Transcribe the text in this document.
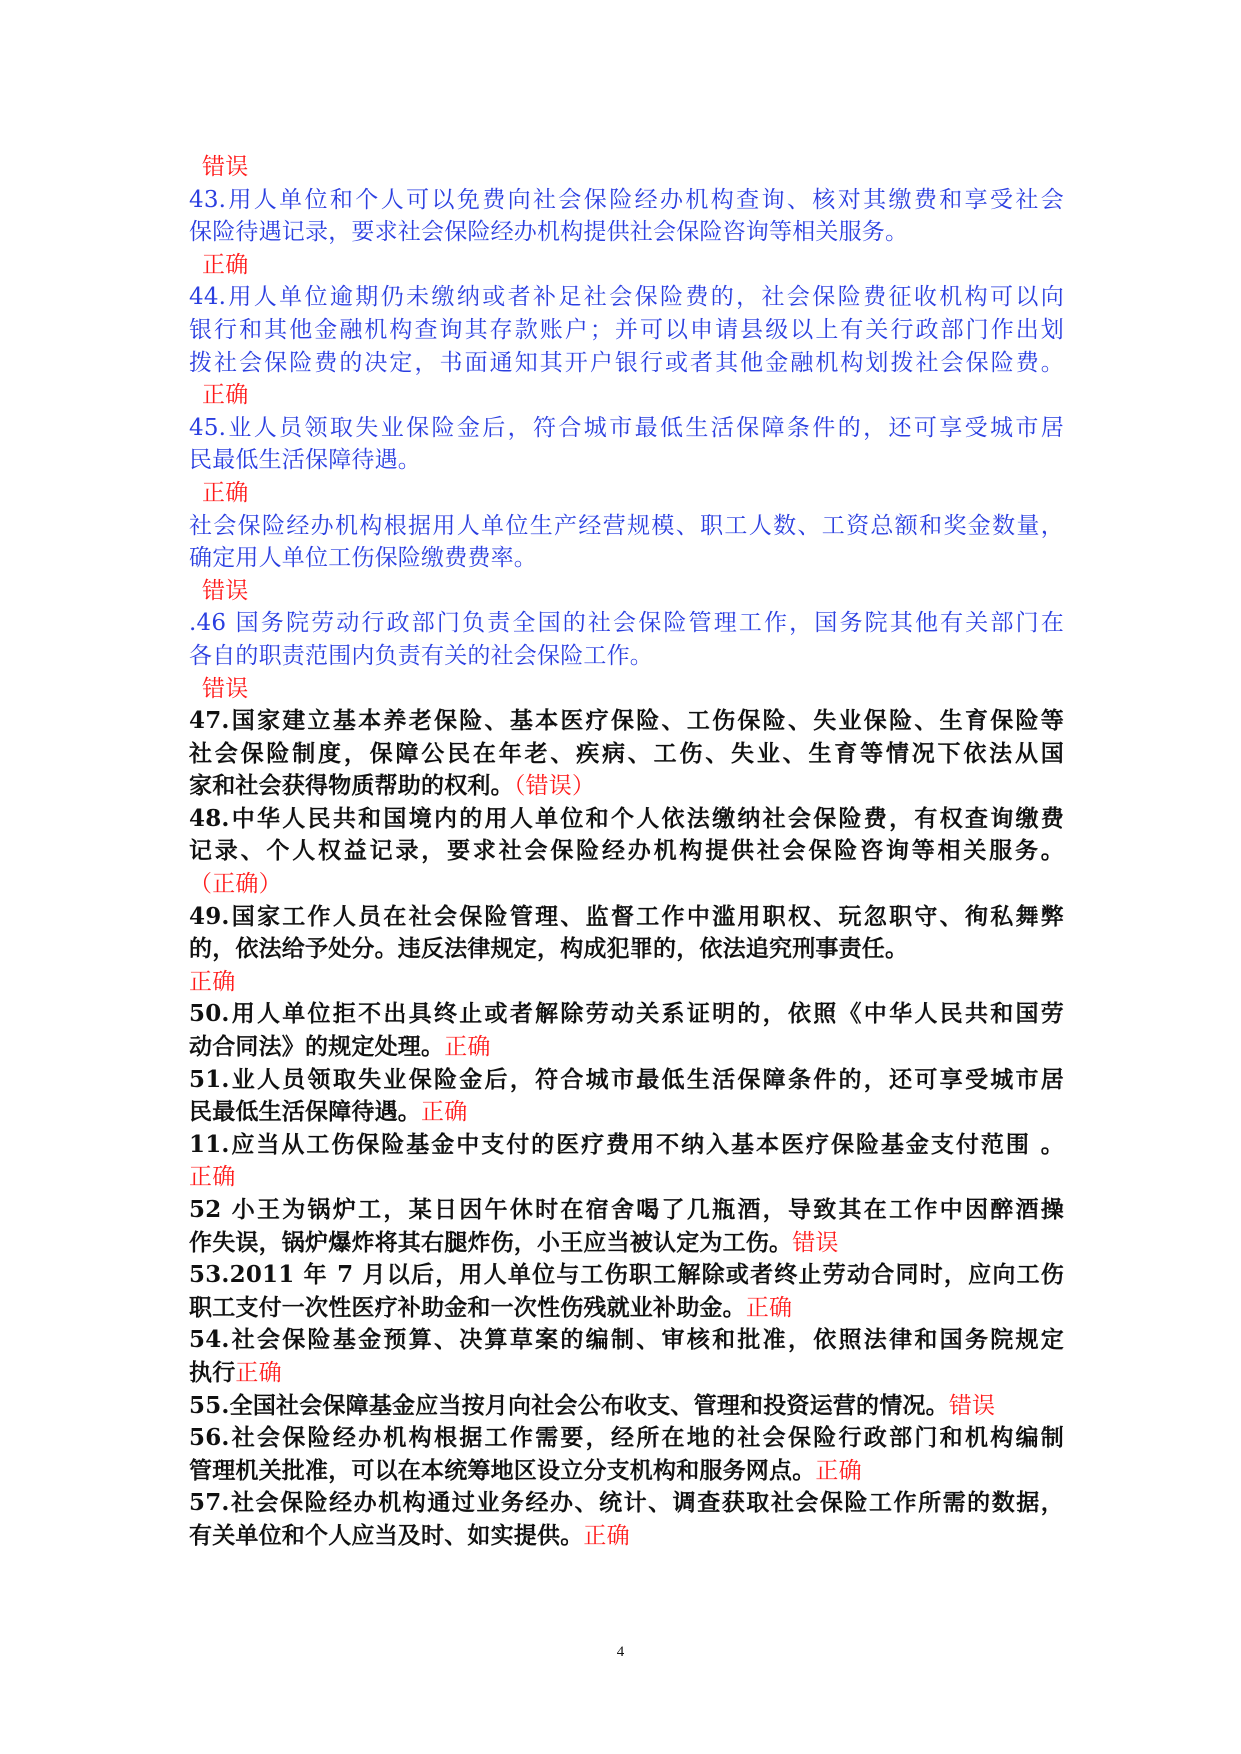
错误
43.用人单位和个人可以免费向社会保险经办机构查询、核对其缴费和享受社会
保险待遇记录，要求社会保险经办机构提供社会保险咨询等相关服务。
正确
44.用人单位逾期仍未缴纳或者补足社会保险费的，社会保险费征收机构可以向
银行和其他金融机构查询其存款账户；并可以申请县级以上有关行政部门作出划
拨社会保险费的决定，书面通知其开户银行或者其他金融机构划拨社会保险费。
正确
45.业人员领取失业保险金后，符合城市最低生活保障条件的，还可享受城市居
民最低生活保障待遇。
正确
社会保险经办机构根据用人单位生产经营规模、职工人数、工资总额和奖金数量，
确定用人单位工伤保险缴费费率。
错误
.46 国务院劳动行政部门负责全国的社会保险管理工作，国务院其他有关部门在
各自的职责范围内负责有关的社会保险工作。
错误
47.国家建立基本养老保险、基本医疗保险、工伤保险、失业保险、生育保险等
社会保险制度，保障公民在年老、疾病、工伤、失业、生育等情况下依法从国
家和社会获得物质帮助的权利。（错误）
48.中华人民共和国境内的用人单位和个人依法缴纳社会保险费，有权查询缴费
记录、个人权益记录，要求社会保险经办机构提供社会保险咨询等相关服务。
（正确）
49.国家工作人员在社会保险管理、监督工作中滥用职权、玩忽职守、徇私舞弊
的，依法给予处分。违反法律规定，构成犯罪的，依法追究刑事责任。
正确
50.用人单位拒不出具终止或者解除劳动关系证明的，依照《中华人民共和国劳
动合同法》的规定处理。正确
51.业人员领取失业保险金后，符合城市最低生活保障条件的，还可享受城市居
民最低生活保障待遇。正确
11.应当从工伤保险基金中支付的医疗费用不纳入基本医疗保险基金支付范围 。
正确
52 小王为锅炉工，某日因午休时在宿舍喝了几瓶酒，导致其在工作中因醉酒操
作失误，锅炉爆炸将其右腿炸伤，小王应当被认定为工伤。错误
53.2011 年 7 月以后，用人单位与工伤职工解除或者终止劳动合同时，应向工伤
职工支付一次性医疗补助金和一次性伤残就业补助金。正确
54.社会保险基金预算、决算草案的编制、审核和批准，依照法律和国务院规定
执行正确
55.全国社会保障基金应当按月向社会公布收支、管理和投资运营的情况。错误
56.社会保险经办机构根据工作需要，经所在地的社会保险行政部门和机构编制
管理机关批准，可以在本统筹地区设立分支机构和服务网点。正确
57.社会保险经办机构通过业务经办、统计、调查获取社会保险工作所需的数据，
有关单位和个人应当及时、如实提供。正确
4
